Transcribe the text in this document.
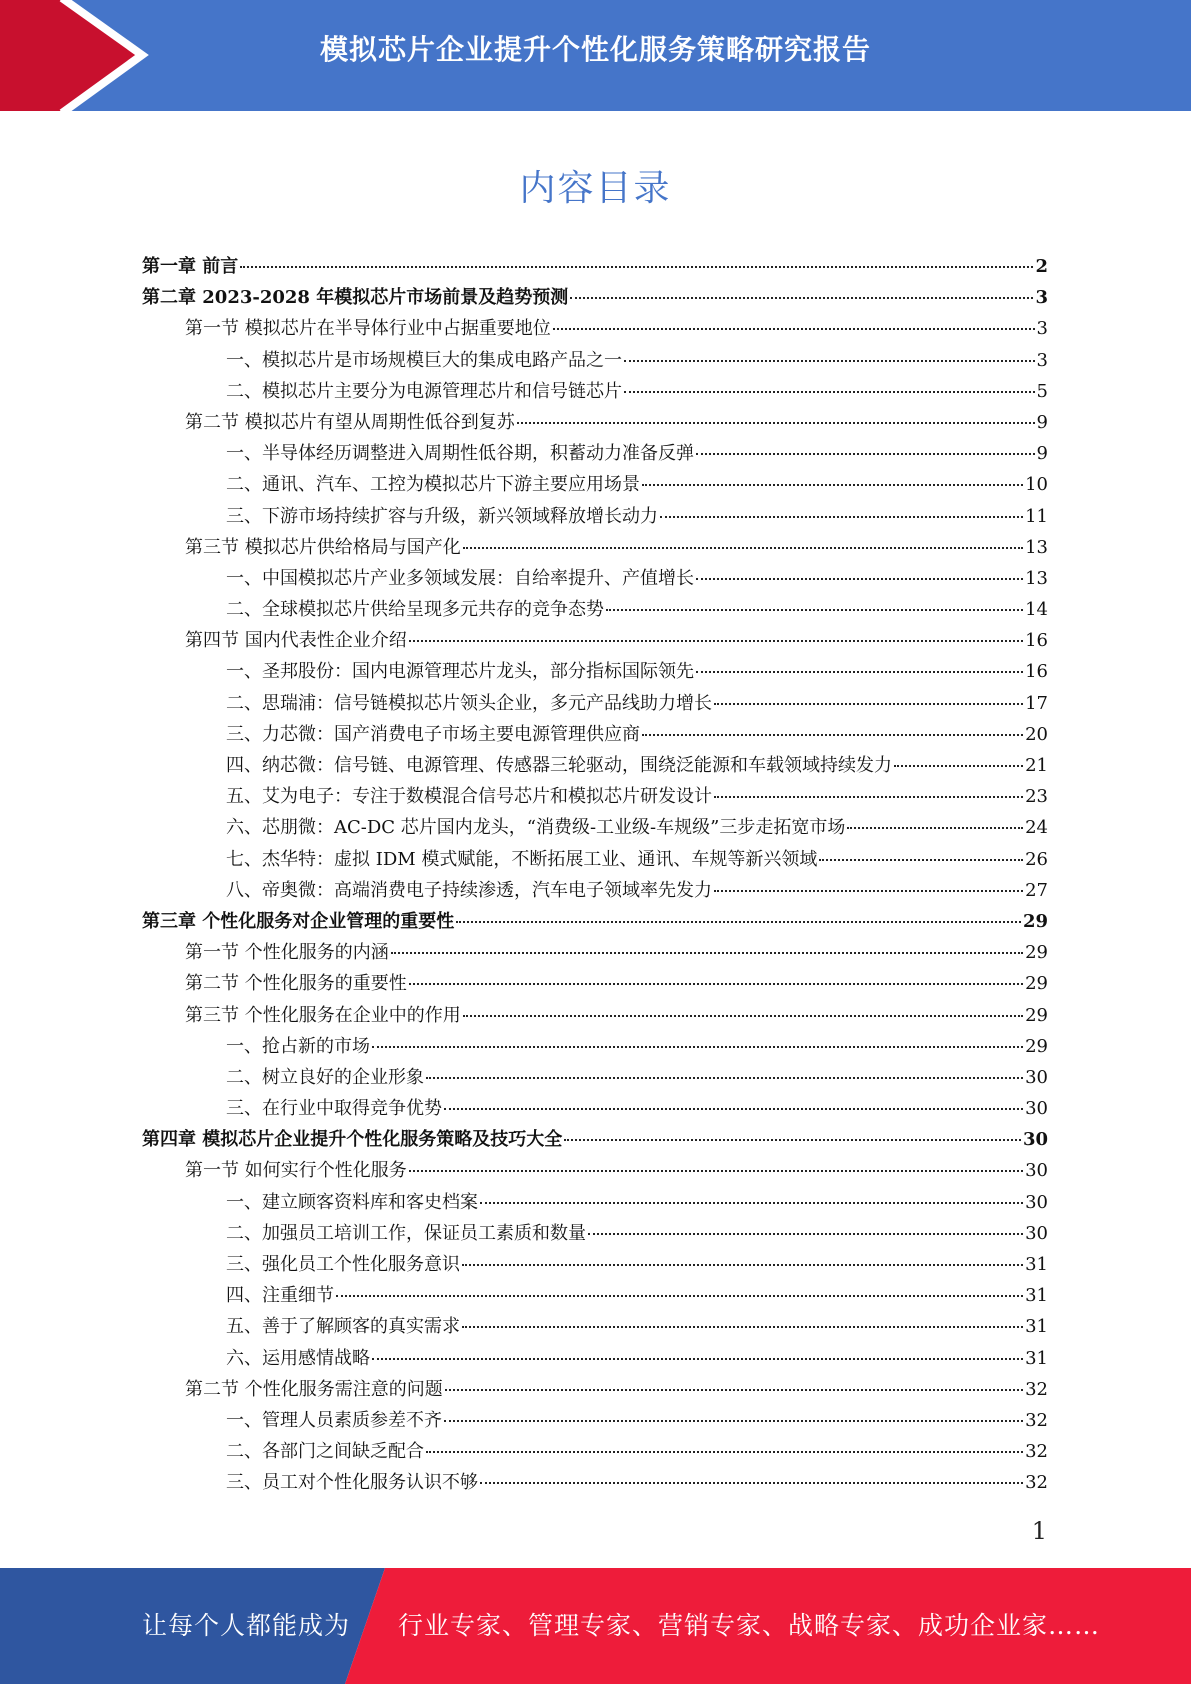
模拟芯片企业提升个性化服务策略研究报告
内容目录
第一章 前言	2
第二章 2023-2028 年模拟芯片市场前景及趋势预测	3
第一节 模拟芯片在半导体行业中占据重要地位	3
一、模拟芯片是市场规模巨大的集成电路产品之一	3
二、模拟芯片主要分为电源管理芯片和信号链芯片	5
第二节 模拟芯片有望从周期性低谷到复苏	9
一、半导体经历调整进入周期性低谷期，积蓄动力准备反弹	9
二、通讯、汽车、工控为模拟芯片下游主要应用场景	10
三、下游市场持续扩容与升级，新兴领域释放增长动力	11
第三节 模拟芯片供给格局与国产化	13
一、中国模拟芯片产业多领域发展：自给率提升、产值增长	13
二、全球模拟芯片供给呈现多元共存的竞争态势	14
第四节 国内代表性企业介绍	16
一、圣邦股份：国内电源管理芯片龙头，部分指标国际领先	16
二、思瑞浦：信号链模拟芯片领头企业，多元产品线助力增长	17
三、力芯微：国产消费电子市场主要电源管理供应商	20
四、纳芯微：信号链、电源管理、传感器三轮驱动，围绕泛能源和车载领域持续发力	21
五、艾为电子：专注于数模混合信号芯片和模拟芯片研发设计	23
六、芯朋微：AC-DC 芯片国内龙头，“消费级-工业级-车规级”三步走拓宽市场	24
七、杰华特：虚拟 IDM 模式赋能，不断拓展工业、通讯、车规等新兴领域	26
八、帝奥微：高端消费电子持续渗透，汽车电子领域率先发力	27
第三章 个性化服务对企业管理的重要性	29
第一节 个性化服务的内涵	29
第二节 个性化服务的重要性	29
第三节 个性化服务在企业中的作用	29
一、抢占新的市场	29
二、树立良好的企业形象	30
三、在行业中取得竞争优势	30
第四章 模拟芯片企业提升个性化服务策略及技巧大全	30
第一节 如何实行个性化服务	30
一、建立顾客资料库和客史档案	30
二、加强员工培训工作，保证员工素质和数量	30
三、强化员工个性化服务意识	31
四、注重细节	31
五、善于了解顾客的真实需求	31
六、运用感情战略	31
第二节 个性化服务需注意的问题	32
一、管理人员素质参差不齐	32
二、各部门之间缺乏配合	32
三、员工对个性化服务认识不够	32
1
让每个人都能成为 行业专家、管理专家、营销专家、战略专家、成功企业家……
